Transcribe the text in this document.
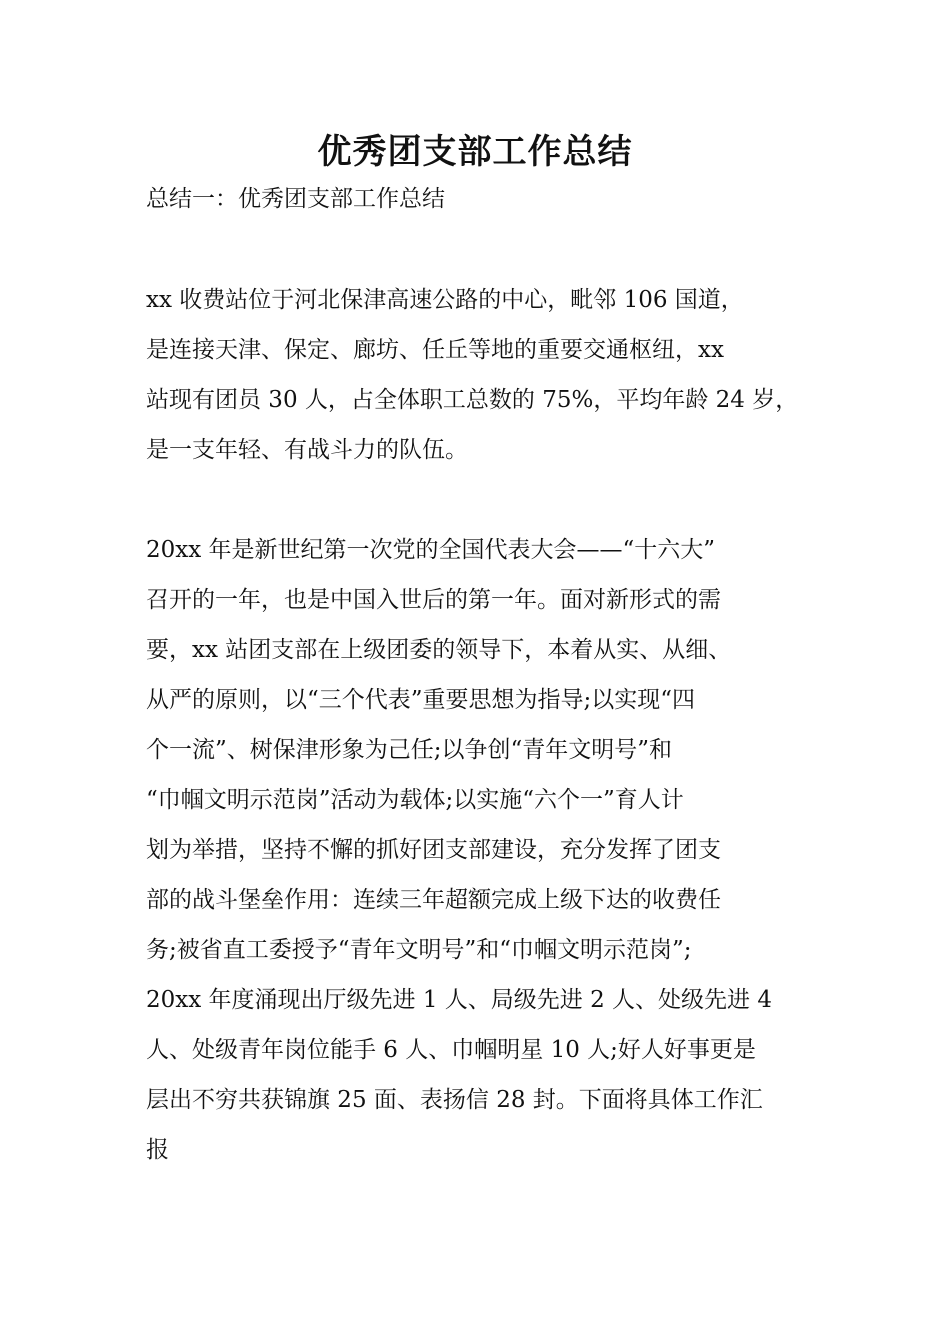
优秀团支部工作总结
总结一：优秀团支部工作总结
xx 收费站位于河北保津高速公路的中心，毗邻 106 国道，
是连接天津、保定、廊坊、任丘等地的重要交通枢纽，xx
站现有团员 30 人，占全体职工总数的 75%，平均年龄 24 岁，
是一支年轻、有战斗力的队伍。
20xx 年是新世纪第一次党的全国代表大会——“十六大”
召开的一年，也是中国入世后的第一年。面对新形式的需
要，xx 站团支部在上级团委的领导下，本着从实、从细、
从严的原则，以“三个代表”重要思想为指导;以实现“四
个一流”、树保津形象为己任;以争创“青年文明号”和
“巾帼文明示范岗”活动为载体;以实施“六个一”育人计
划为举措，坚持不懈的抓好团支部建设，充分发挥了团支
部的战斗堡垒作用：连续三年超额完成上级下达的收费任
务;被省直工委授予“青年文明号”和“巾帼文明示范岗”;
20xx 年度涌现出厅级先进 1 人、局级先进 2 人、处级先进 4
人、处级青年岗位能手 6 人、巾帼明星 10 人;好人好事更是
层出不穷共获锦旗 25 面、表扬信 28 封。下面将具体工作汇
报
